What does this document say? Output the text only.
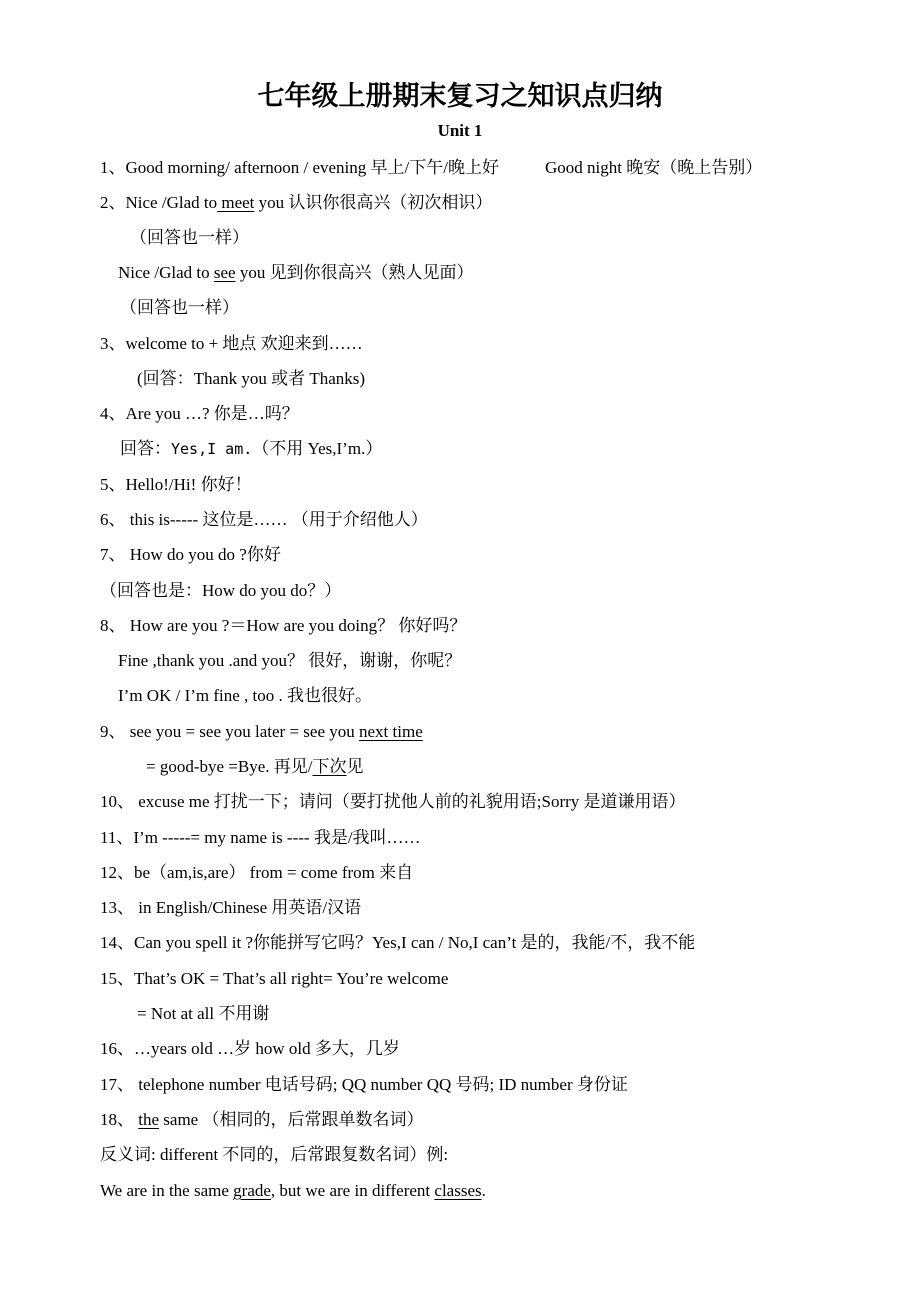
七年级上册期末复习之知识点归纳
Unit 1
1、Good morning/ afternoon / evening 早上/下午/晚上好	Good night 晚安（晚上告别）
2、Nice /Glad to meet you 认识你很高兴（初次相识）
（回答也一样）
Nice /Glad to see you 见到你很高兴（熟人见面）
（回答也一样）
3、welcome to + 地点 欢迎来到……
(回答：Thank you 或者 Thanks)
4、Are you …? 你是…吗？
回答：Yes,I am.（不用 Yes,I’m.）
5、Hello!/Hi! 你好！
6、 this is----- 这位是…… （用于介绍他人）
7、 How do you do ?你好
（回答也是：How do you do？）
8、 How are you ?＝How are you doing？ 你好吗？
Fine ,thank you .and you？ 很好，谢谢，你呢？
I’m OK / I’m fine , too . 我也很好。
9、 see you = see you later = see you next time
= good-bye =Bye. 再见/下次见
10、 excuse me 打扰一下；请问（要打扰他人前的礼貌用语;Sorry 是道谦用语）
11、I’m -----= my name is ---- 我是/我叫……
12、be（am,is,are） from = come from 来自
13、 in English/Chinese 用英语/汉语
14、Can you spell it ?你能拼写它吗？Yes,I can / No,I can’t 是的，我能/不，我不能
15、That’s OK = That’s all right= You’re welcome
= Not at all 不用谢
16、…years old …岁 how old 多大，几岁
17、 telephone number 电话号码; QQ number QQ 号码; ID number 身份证
18、 the same （相同的，后常跟单数名词）
反义词: different 不同的，后常跟复数名词）例:
We are in the same grade, but we are in different classes.
